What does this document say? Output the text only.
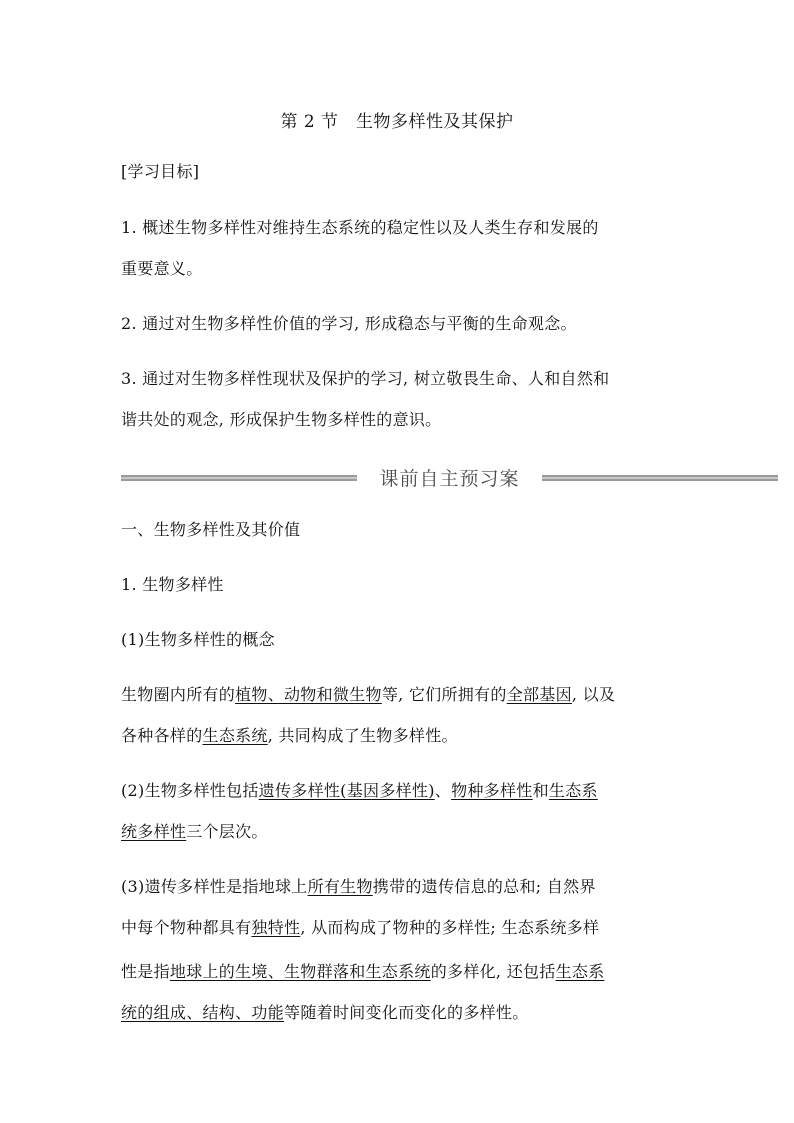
第 2 节　生物多样性及其保护
[学习目标]
1. 概述生物多样性对维持生态系统的稳定性以及人类生存和发展的
重要意义。
2. 通过对生物多样性价值的学习, 形成稳态与平衡的生命观念。
3. 通过对生物多样性现状及保护的学习, 树立敬畏生命、人和自然和
谐共处的观念, 形成保护生物多样性的意识。
课前自主预习案
一、生物多样性及其价值
1. 生物多样性
(1)生物多样性的概念
生物圈内所有的植物、动物和微生物等, 它们所拥有的全部基因, 以及
各种各样的生态系统, 共同构成了生物多样性。
(2)生物多样性包括遗传多样性(基因多样性)、物种多样性和生态系
统多样性三个层次。
(3)遗传多样性是指地球上所有生物携带的遗传信息的总和; 自然界
中每个物种都具有独特性, 从而构成了物种的多样性; 生态系统多样
性是指地球上的生境、生物群落和生态系统的多样化, 还包括生态系
统的组成、结构、功能等随着时间变化而变化的多样性。
